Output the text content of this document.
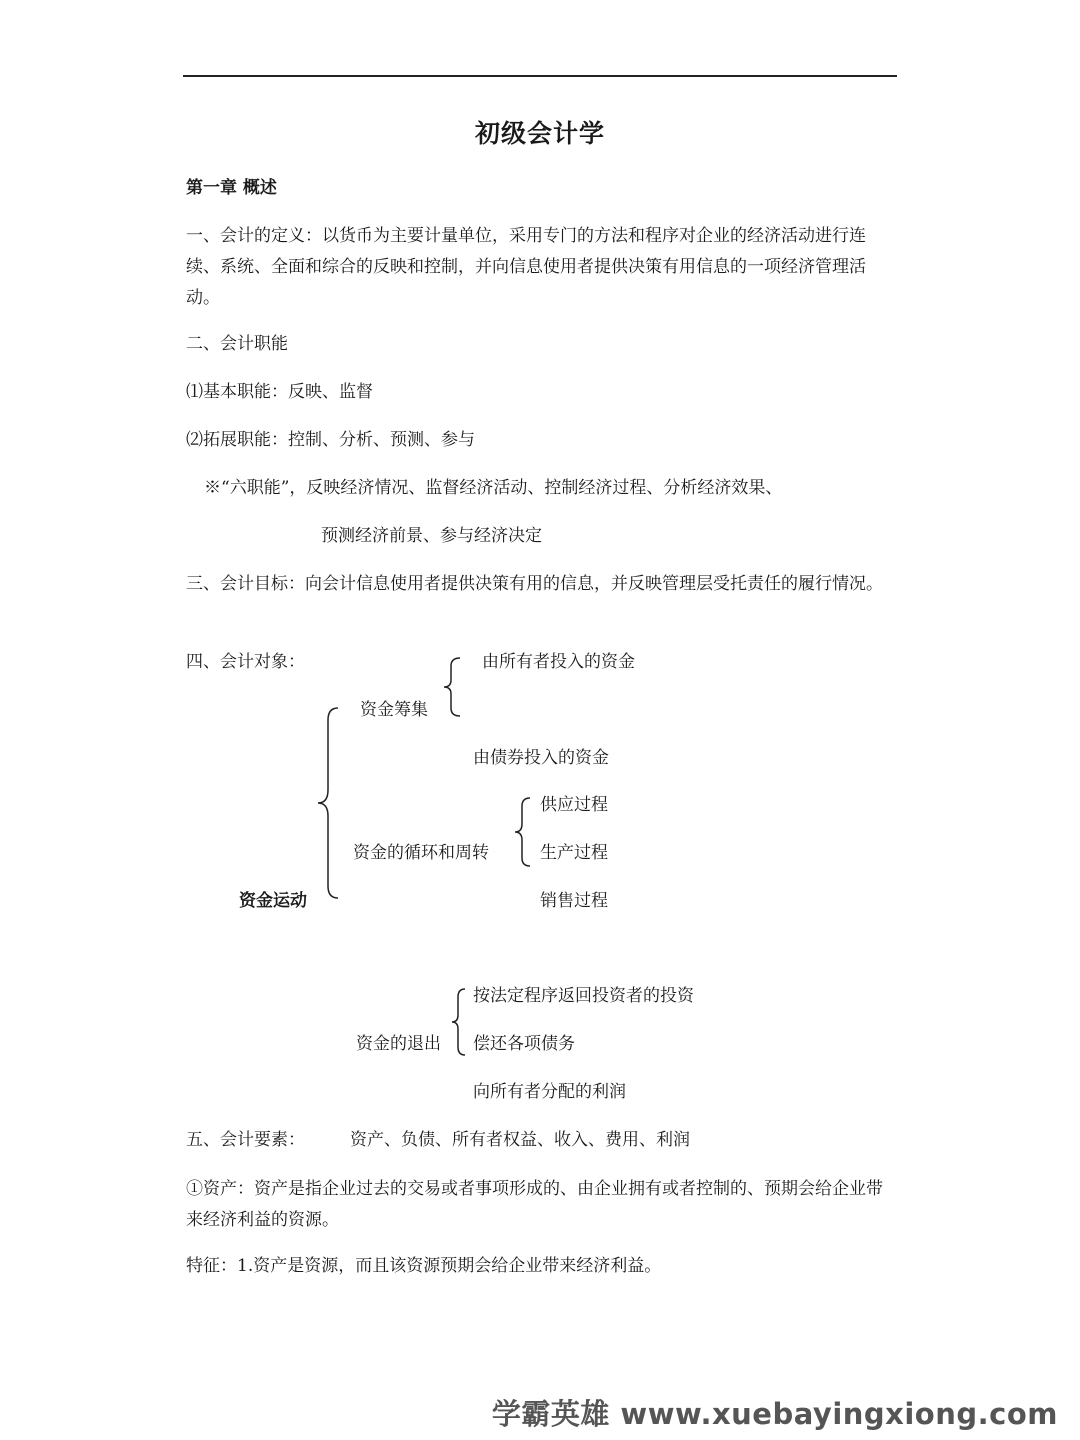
初级会计学
第一章 概述
一、会计的定义：以货币为主要计量单位，采用专门的方法和程序对企业的经济活动进行连续、系统、全面和综合的反映和控制，并向信息使用者提供决策有用信息的一项经济管理活动。
二、会计职能
⑴基本职能：反映、监督
⑵拓展职能：控制、分析、预测、参与
※“六职能”，反映经济情况、监督经济活动、控制经济过程、分析经济效果、
预测经济前景、参与经济决定
三、会计目标：向会计信息使用者提供决策有用的信息，并反映管理层受托责任的履行情况。
四、会计对象：	由所有者投入的资金
资金筹集
由债券投入的资金
供应过程
资金的循环和周转	生产过程
资金运动	销售过程
按法定程序返回投资者的投资
资金的退出 偿还各项债务
向所有者分配的利润
五、会计要素：	资产、负债、所有者权益、收入、费用、利润
①资产：资产是指企业过去的交易或者事项形成的、由企业拥有或者控制的、预期会给企业带来经济利益的资源。
特征：1.资产是资源，而且该资源预期会给企业带来经济利益。
学霸英雄 www.xuebayingxiong.com
